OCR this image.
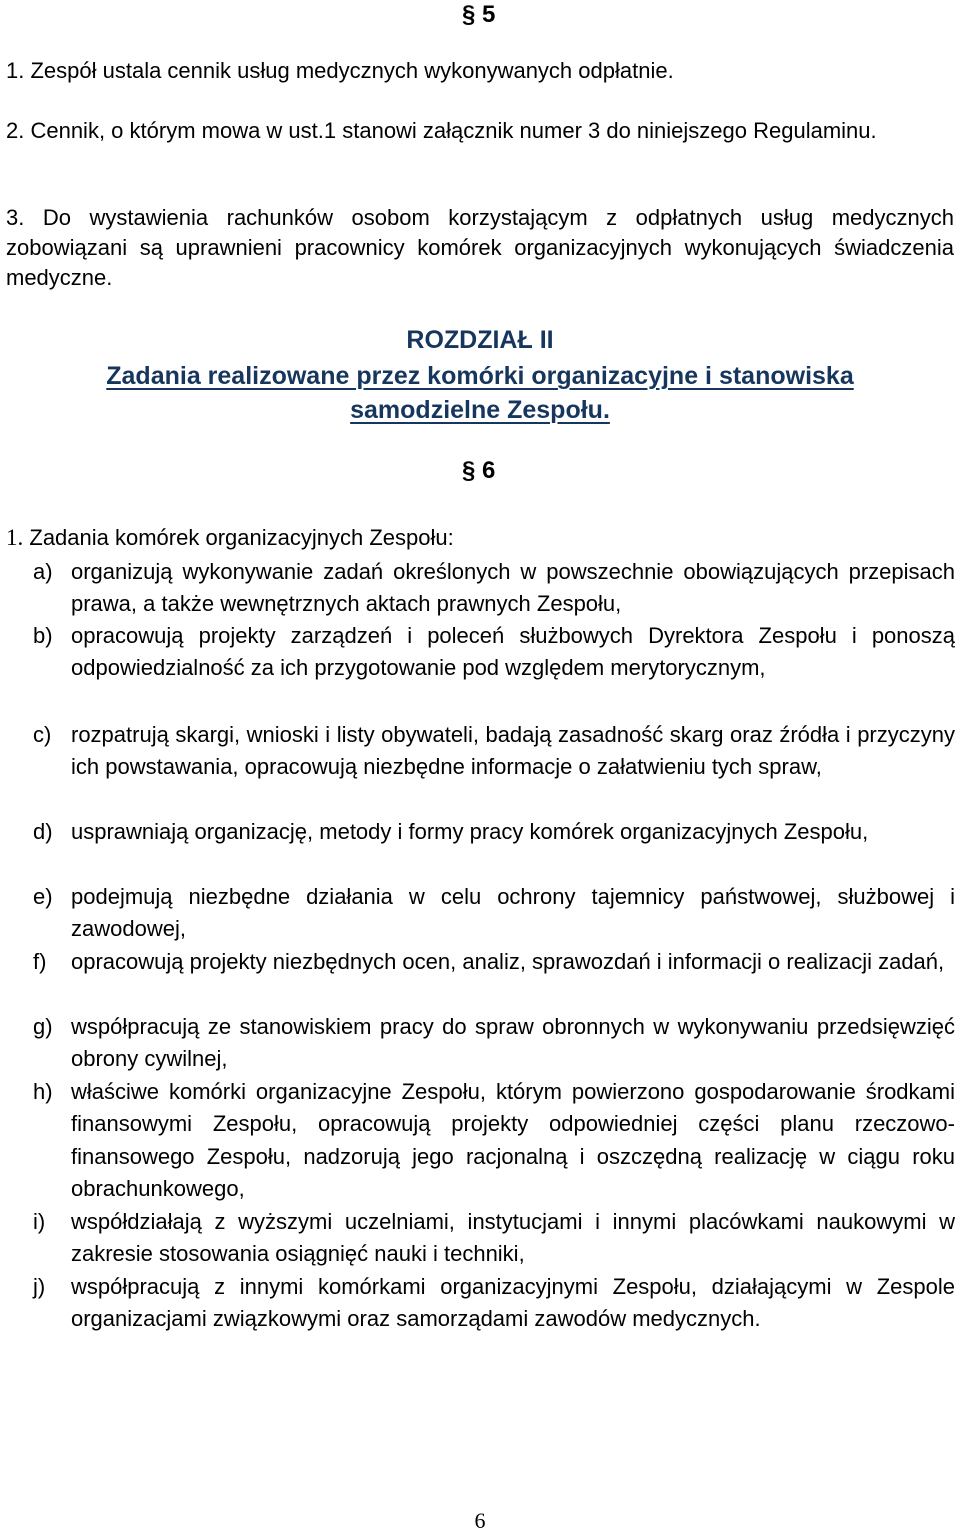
§ 5

1. Zespół ustala cennik usług medycznych wykonywanych odpłatnie.

2. Cennik, o którym mowa w ust.1 stanowi załącznik numer 3 do niniejszego Regulaminu.

3. Do wystawienia rachunków osobom korzystającym z odpłatnych usług medycznych zobowiązani są uprawnieni pracownicy komórek organizacyjnych wykonujących świadczenia medyczne.

ROZDZIAŁ II
Zadania realizowane przez komórki organizacyjne i stanowiska samodzielne Zespołu.
§ 6
1. Zadania komórek organizacyjnych Zespołu:
a) organizują wykonywanie zadań określonych w powszechnie obowiązujących przepisach prawa, a także wewnętrznych aktach prawnych Zespołu,
b) opracowują projekty zarządzeń i poleceń służbowych Dyrektora Zespołu i ponoszą odpowiedzialność za ich przygotowanie pod względem merytorycznym,
c) rozpatrują skargi, wnioski i listy obywateli, badają zasadność skarg oraz źródła i przyczyny ich powstawania, opracowują niezbędne informacje o załatwieniu tych spraw,
d) usprawniają organizację, metody i formy pracy komórek organizacyjnych Zespołu,
e) podejmują niezbędne działania w celu ochrony tajemnicy państwowej, służbowej i zawodowej,
f)	opracowują projekty niezbędnych ocen, analiz, sprawozdań i informacji o realizacji zadań,
g) współpracują ze stanowiskiem pracy do spraw obronnych w wykonywaniu przedsięwzięć obrony cywilnej,
h) właściwe komórki organizacyjne Zespołu, którym powierzono gospodarowanie środkami finansowymi Zespołu, opracowują projekty odpowiedniej części planu rzeczowo-finansowego Zespołu, nadzorują jego racjonalną i oszczędną realizację w ciągu roku obrachunkowego,
i)	współdziałają z wyższymi uczelniami, instytucjami i innymi placówkami naukowymi w zakresie stosowania osiągnięć nauki i techniki,
j)	współpracują z innymi komórkami organizacyjnymi Zespołu, działającymi w Zespole organizacjami związkowymi oraz samorządami zawodów medycznych.
6
